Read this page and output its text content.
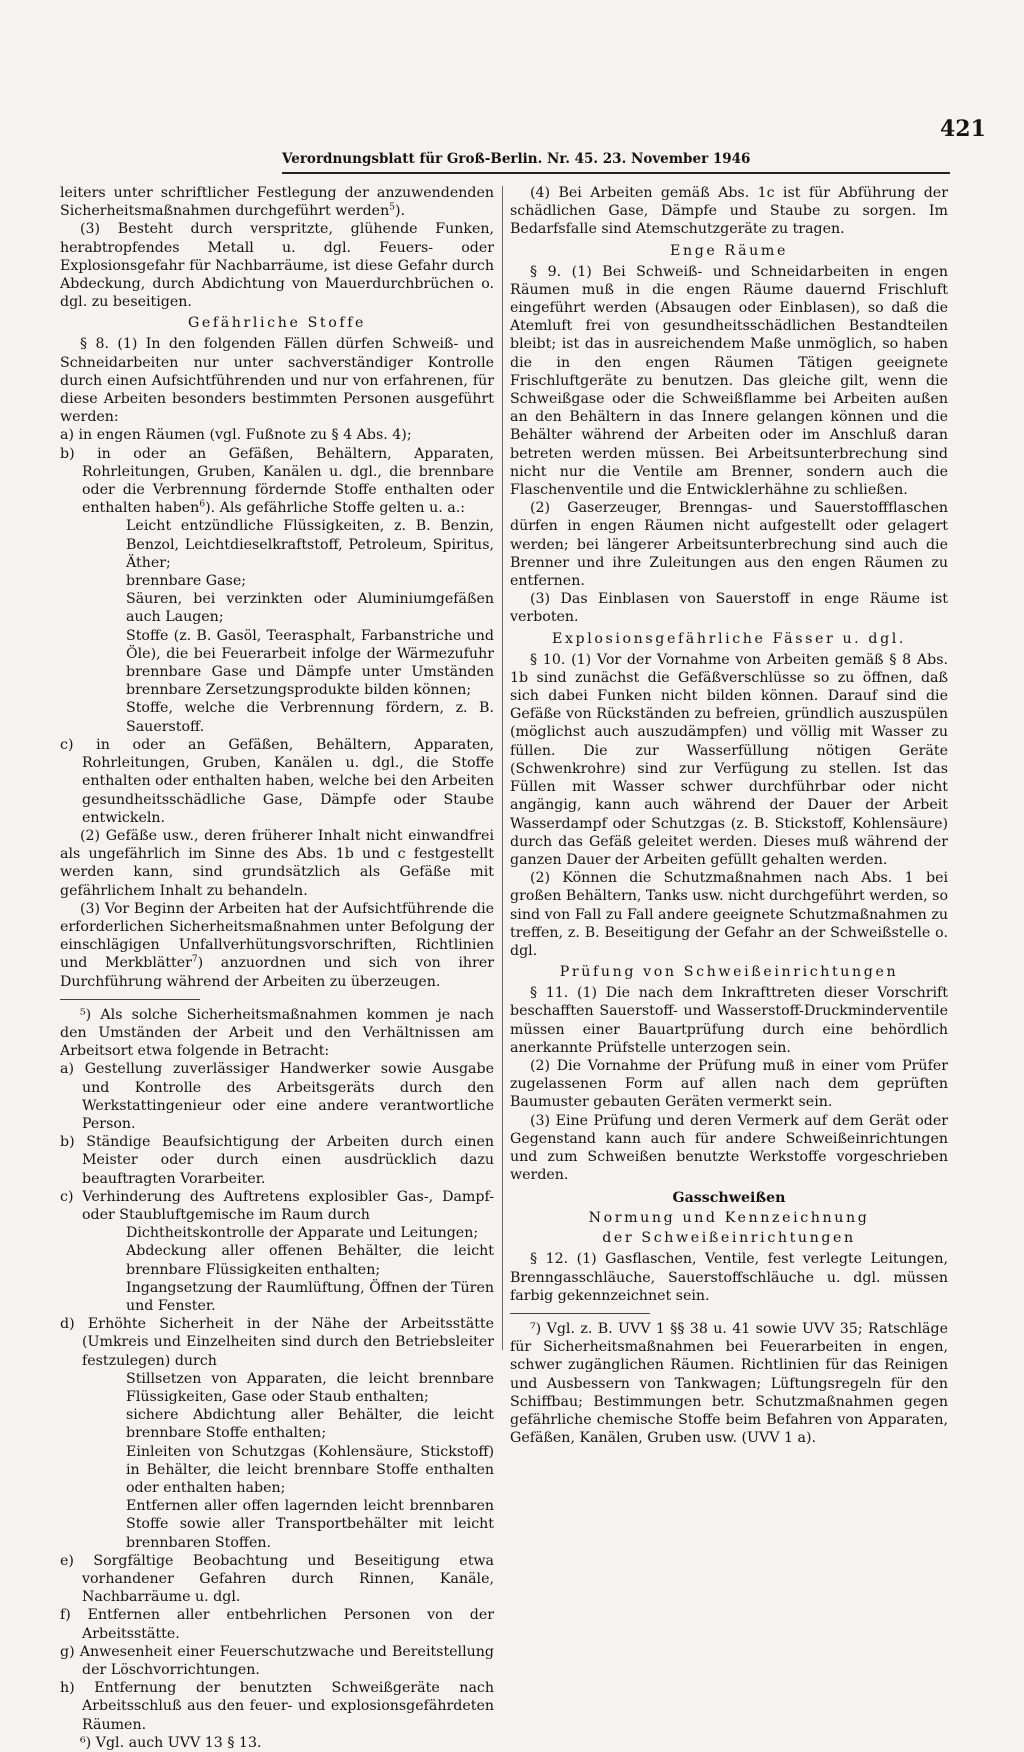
421
Verordnungsblatt für Groß-Berlin. Nr. 45. 23. November 1946

leiters unter schriftlicher Festlegung der anzuwendenden Sicherheitsmaßnahmen durchgeführt werden$^5$).

(3) Besteht durch verspritzte, glühende Funken, herabtropfendes Metall u. dgl. Feuers- oder Explosionsgefahr für Nachbarräume, ist diese Gefahr durch Abdeckung, durch Abdichtung von Mauerdurchbrüchen o. dgl. zu beseitigen.

Gefährliche Stoffe

§ 8. (1) In den folgenden Fällen dürfen Schweiß- und Schneidarbeiten nur unter sachverständiger Kontrolle durch einen Aufsichtführenden und nur von erfahrenen, für diese Arbeiten besonders bestimmten Personen ausgeführt werden:

a) in engen Räumen (vgl. Fußnote zu § 4 Abs. 4);

b) in oder an Gefäßen, Behältern, Apparaten, Rohrleitungen, Gruben, Kanälen u. dgl., die brennbare oder die Verbrennung fördernde Stoffe enthalten oder enthalten haben$^6$). Als gefährliche Stoffe gelten u. a.:

Leicht entzündliche Flüssigkeiten, z. B. Benzin, Benzol, Leichtdieselkraftstoff, Petroleum, Spiritus, Äther;

brennbare Gase;

Säuren, bei verzinkten oder Aluminiumgefäßen auch Laugen;

Stoffe (z. B. Gasöl, Teerasphalt, Farbanstriche und Öle), die bei Feuerarbeit infolge der Wärmezufuhr brennbare Gase und Dämpfe unter Umständen brennbare Zersetzungsprodukte bilden können;

Stoffe, welche die Verbrennung fördern, z. B. Sauerstoff.

c) in oder an Gefäßen, Behältern, Apparaten, Rohrleitungen, Gruben, Kanälen u. dgl., die Stoffe enthalten oder enthalten haben, welche bei den Arbeiten gesundheitsschädliche Gase, Dämpfe oder Staube entwickeln.

(2) Gefäße usw., deren früherer Inhalt nicht einwandfrei als ungefährlich im Sinne des Abs. 1b und c festgestellt werden kann, sind grundsätzlich als Gefäße mit gefährlichem Inhalt zu behandeln.

(3) Vor Beginn der Arbeiten hat der Aufsichtführende die erforderlichen Sicherheitsmaßnahmen unter Befolgung der einschlägigen Unfallverhütungsvorschriften, Richtlinien und Merkblätter$^7$) anzuordnen und sich von ihrer Durchführung während der Arbeiten zu überzeugen.

⁵) Als solche Sicherheitsmaßnahmen kommen je nach den Umständen der Arbeit und den Verhältnissen am Arbeitsort etwa folgende in Betracht:

a) Gestellung zuverlässiger Handwerker sowie Ausgabe und Kontrolle des Arbeitsgeräts durch den Werkstattingenieur oder eine andere verantwortliche Person.

b) Ständige Beaufsichtigung der Arbeiten durch einen Meister oder durch einen ausdrücklich dazu beauftragten Vorarbeiter.

c) Verhinderung des Auftretens explosibler Gas-, Dampf- oder Staubluftgemische im Raum durch

Dichtheitskontrolle der Apparate und Leitungen;

Abdeckung aller offenen Behälter, die leicht brennbare Flüssigkeiten enthalten;

Ingangsetzung der Raumlüftung, Öffnen der Türen und Fenster.

d) Erhöhte Sicherheit in der Nähe der Arbeitsstätte (Umkreis und Einzelheiten sind durch den Betriebsleiter festzulegen) durch

Stillsetzen von Apparaten, die leicht brennbare Flüssigkeiten, Gase oder Staub enthalten;

sichere Abdichtung aller Behälter, die leicht brennbare Stoffe enthalten;

Einleiten von Schutzgas (Kohlensäure, Stickstoff) in Behälter, die leicht brennbare Stoffe enthalten oder enthalten haben;

Entfernen aller offen lagernden leicht brennbaren Stoffe sowie aller Transportbehälter mit leicht brennbaren Stoffen.

e) Sorgfältige Beobachtung und Beseitigung etwa vorhandener Gefahren durch Rinnen, Kanäle, Nachbarräume u. dgl.

f) Entfernen aller entbehrlichen Personen von der Arbeitsstätte.

g) Anwesenheit einer Feuerschutzwache und Bereitstellung der Löschvorrichtungen.

h) Entfernung der benutzten Schweißgeräte nach Arbeitsschluß aus den feuer- und explosionsgefährdeten Räumen.

⁶) Vgl. auch UVV 13 § 13.

(4) Bei Arbeiten gemäß Abs. 1c ist für Abführung der schädlichen Gase, Dämpfe und Staube zu sorgen. Im Bedarfsfalle sind Atemschutzgeräte zu tragen.

Enge Räume

§ 9. (1) Bei Schweiß- und Schneidarbeiten in engen Räumen muß in die engen Räume dauernd Frischluft eingeführt werden (Absaugen oder Einblasen), so daß die Atemluft frei von gesundheitsschädlichen Bestandteilen bleibt; ist das in ausreichendem Maße unmöglich, so haben die in den engen Räumen Tätigen geeignete Frischluftgeräte zu benutzen. Das gleiche gilt, wenn die Schweißgase oder die Schweißflamme bei Arbeiten außen an den Behältern in das Innere gelangen können und die Behälter während der Arbeiten oder im Anschluß daran betreten werden müssen. Bei Arbeitsunterbrechung sind nicht nur die Ventile am Brenner, sondern auch die Flaschenventile und die Entwicklerhähne zu schließen.

(2) Gaserzeuger, Brenngas- und Sauerstoffflaschen dürfen in engen Räumen nicht aufgestellt oder gelagert werden; bei längerer Arbeitsunterbrechung sind auch die Brenner und ihre Zuleitungen aus den engen Räumen zu entfernen.

(3) Das Einblasen von Sauerstoff in enge Räume ist verboten.

Explosionsgefährliche Fässer u. dgl.

§ 10. (1) Vor der Vornahme von Arbeiten gemäß § 8 Abs. 1b sind zunächst die Gefäßverschlüsse so zu öffnen, daß sich dabei Funken nicht bilden können. Darauf sind die Gefäße von Rückständen zu befreien, gründlich auszuspülen (möglichst auch auszudämpfen) und völlig mit Wasser zu füllen. Die zur Wasserfüllung nötigen Geräte (Schwenkrohre) sind zur Verfügung zu stellen. Ist das Füllen mit Wasser schwer durchführbar oder nicht angängig, kann auch während der Dauer der Arbeit Wasserdampf oder Schutzgas (z. B. Stickstoff, Kohlensäure) durch das Gefäß geleitet werden. Dieses muß während der ganzen Dauer der Arbeiten gefüllt gehalten werden.

(2) Können die Schutzmaßnahmen nach Abs. 1 bei großen Behältern, Tanks usw. nicht durchgeführt werden, so sind von Fall zu Fall andere geeignete Schutzmaßnahmen zu treffen, z. B. Beseitigung der Gefahr an der Schweißstelle o. dgl.

Prüfung von Schweißeinrichtungen

§ 11. (1) Die nach dem Inkrafttreten dieser Vorschrift beschafften Sauerstoff- und Wasserstoff-Druckminderventile müssen einer Bauartprüfung durch eine behördlich anerkannte Prüfstelle unterzogen sein.

(2) Die Vornahme der Prüfung muß in einer vom Prüfer zugelassenen Form auf allen nach dem geprüften Baumuster gebauten Geräten vermerkt sein.

(3) Eine Prüfung und deren Vermerk auf dem Gerät oder Gegenstand kann auch für andere Schweißeinrichtungen und zum Schweißen benutzte Werkstoffe vorgeschrieben werden.

Gasschweißen
Normung und Kennzeichnung
der Schweißeinrichtungen

§ 12. (1) Gasflaschen, Ventile, fest verlegte Leitungen, Brenngasschläuche, Sauerstoffschläuche u. dgl. müssen farbig gekennzeichnet sein.

⁷) Vgl. z. B. UVV 1 §§ 38 u. 41 sowie UVV 35; Ratschläge für Sicherheitsmaßnahmen bei Feuerarbeiten in engen, schwer zugänglichen Räumen. Richtlinien für das Reinigen und Ausbessern von Tankwagen; Lüftungsregeln für den Schiffbau; Bestimmungen betr. Schutzmaßnahmen gegen gefährliche chemische Stoffe beim Befahren von Apparaten, Gefäßen, Kanälen, Gruben usw. (UVV 1 a).
